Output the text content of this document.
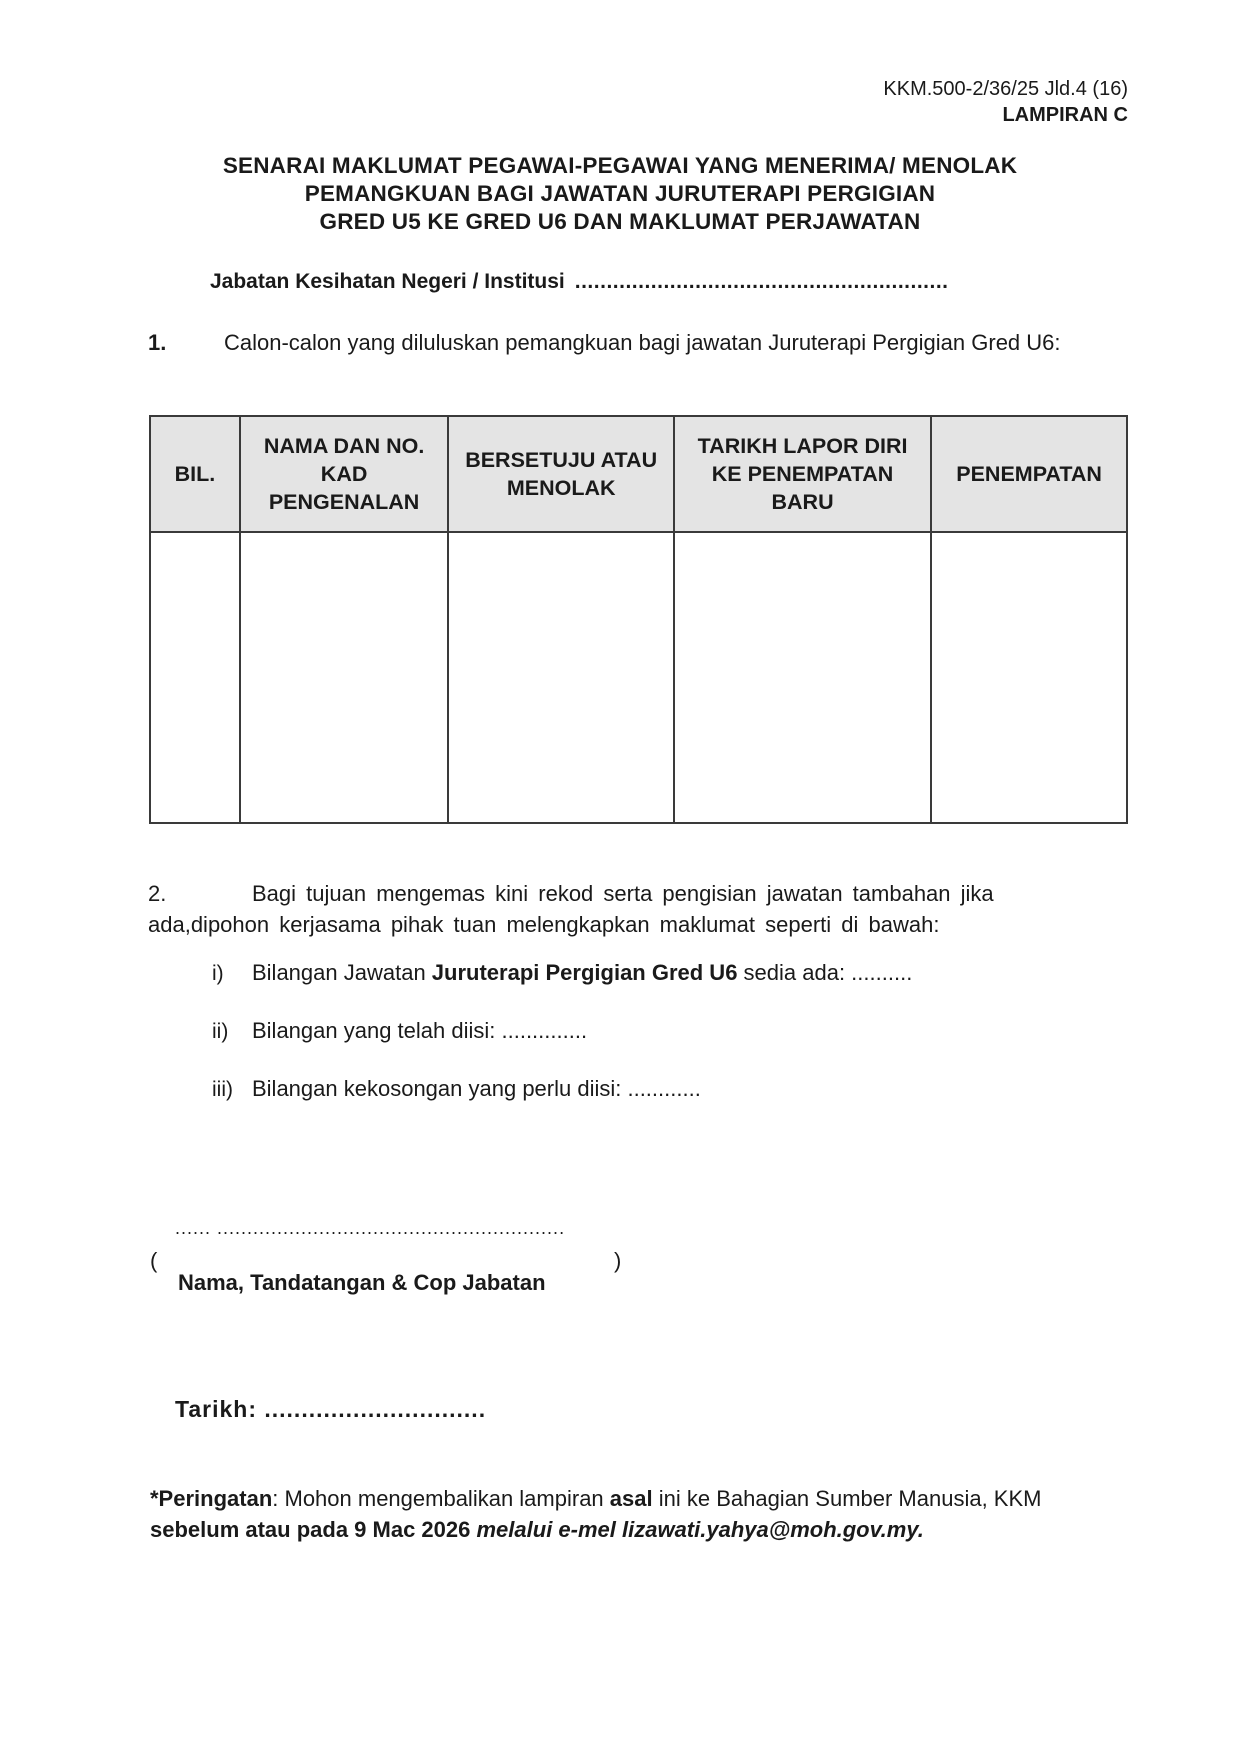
KKM.500-2/36/25 Jld.4 (16)
LAMPIRAN C
SENARAI MAKLUMAT PEGAWAI-PEGAWAI YANG MENERIMA/ MENOLAK
PEMANGKUAN BAGI JAWATAN JURUTERAPI PERGIGIAN
GRED U5 KE GRED U6 DAN MAKLUMAT PERJAWATAN
Jabatan Kesihatan Negeri / Institusi ...........................................................
1.	Calon-calon yang diluluskan pemangkuan bagi jawatan Juruterapi Pergigian Gred U6:
BIL.	NAMA DAN NO. KAD PENGENALAN	BERSETUJU ATAU MENOLAK	TARIKH LAPOR DIRI KE PENEMPATAN BARU	PENEMPATAN

2.	Bagi tujuan mengemas kini rekod serta pengisian jawatan tambahan jika ada,dipohon kerjasama pihak tuan melengkapkan maklumat seperti di bawah:
i) Bilangan Jawatan Juruterapi Pergigian Gred U6 sedia ada: ..........
ii) Bilangan yang telah diisi: ..............
iii) Bilangan kekosongan yang perlu diisi: ............
...... ..........................................................
(	)
Nama, Tandatangan & Cop Jabatan
Tarikh: ..............................
*Peringatan: Mohon mengembalikan lampiran asal ini ke Bahagian Sumber Manusia, KKM sebelum atau pada 9 Mac 2026 melalui e-mel lizawati.yahya@moh.gov.my.
